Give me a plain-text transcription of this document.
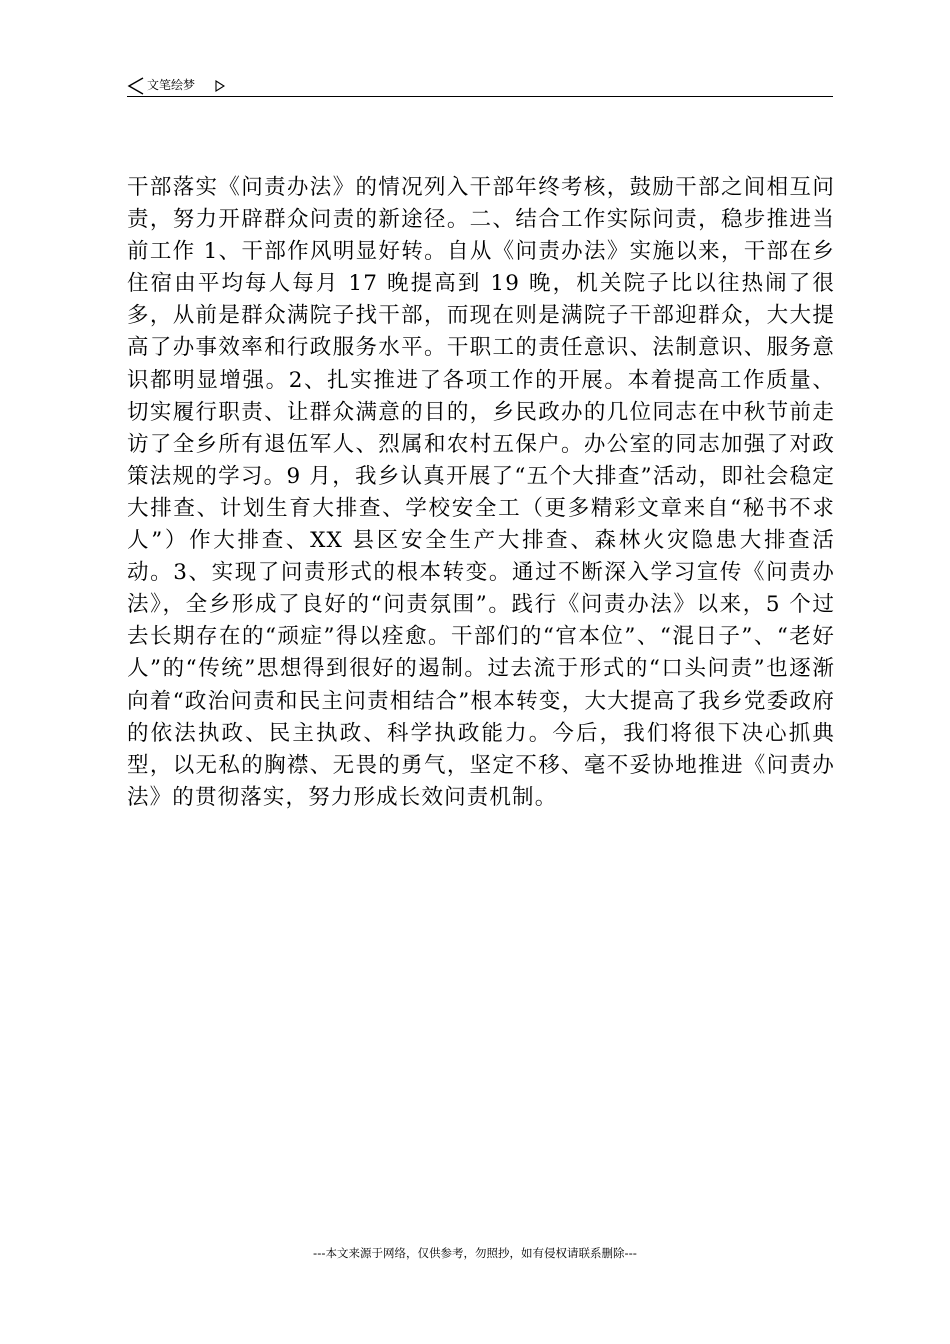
文笔绘梦

干部落实《问责办法》的情况列入干部年终考核，鼓励干部之间相互问责，努力开辟群众问责的新途径。二、结合工作实际问责，稳步推进当前工作 1、干部作风明显好转。自从《问责办法》实施以来，干部在乡住宿由平均每人每月 17 晚提高到 19 晚，机关院子比以往热闹了很多，从前是群众满院子找干部，而现在则是满院子干部迎群众，大大提高了办事效率和行政服务水平。干职工的责任意识、法制意识、服务意识都明显增强。2、扎实推进了各项工作的开展。本着提高工作质量、切实履行职责、让群众满意的目的，乡民政办的几位同志在中秋节前走访了全乡所有退伍军人、烈属和农村五保户。办公室的同志加强了对政策法规的学习。9 月，我乡认真开展了“五个大排查”活动，即社会稳定大排查、计划生育大排查、学校安全工（更多精彩文章来自“秘书不求人”）作大排查、XX 县区安全生产大排查、森林火灾隐患大排查活动。3、实现了问责形式的根本转变。通过不断深入学习宣传《问责办法》，全乡形成了良好的“问责氛围”。践行《问责办法》以来，5 个过去长期存在的“顽症”得以痊愈。干部们的“官本位”、“混日子”、“老好人”的“传统”思想得到很好的遏制。过去流于形式的“口头问责”也逐渐向着“政治问责和民主问责相结合”根本转变，大大提高了我乡党委政府的依法执政、民主执政、科学执政能力。今后，我们将很下决心抓典型，以无私的胸襟、无畏的勇气，坚定不移、毫不妥协地推进《问责办法》的贯彻落实，努力形成长效问责机制。

---本文来源于网络，仅供参考，勿照抄，如有侵权请联系删除---
